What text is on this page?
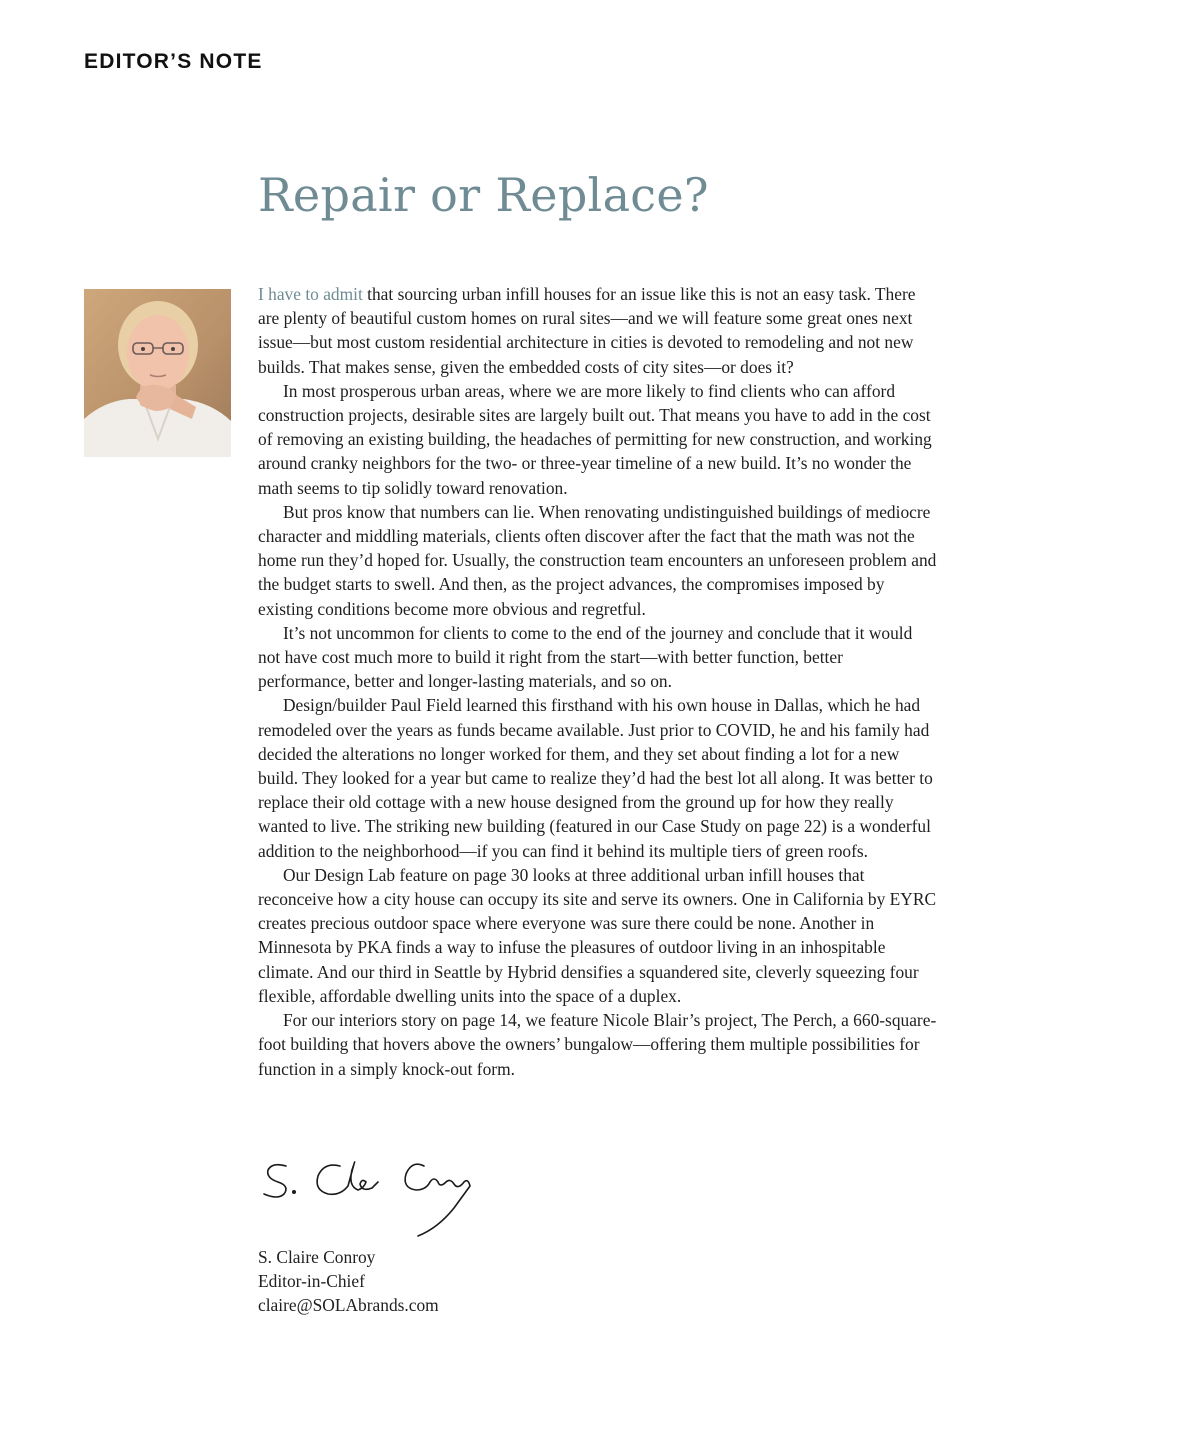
EDITOR’S NOTE
Repair or Replace?

I have to admit that sourcing urban infill houses for an issue like this is not an easy task. There are plenty of beautiful custom homes on rural sites—and we will feature some great ones next issue—but most custom residential architecture in cities is devoted to remodeling and not new builds. That makes sense, given the embedded costs of city sites—or does it?

In most prosperous urban areas, where we are more likely to find clients who can afford construction projects, desirable sites are largely built out. That means you have to add in the cost of removing an existing building, the headaches of permitting for new construction, and working around cranky neighbors for the two- or three-year timeline of a new build. It’s no wonder the math seems to tip solidly toward renovation.

But pros know that numbers can lie. When renovating undistinguished buildings of mediocre character and middling materials, clients often discover after the fact that the math was not the home run they’d hoped for. Usually, the construction team encounters an unforeseen problem and the budget starts to swell. And then, as the project advances, the compromises imposed by existing conditions become more obvious and regretful.

It’s not uncommon for clients to come to the end of the journey and conclude that it would not have cost much more to build it right from the start—with better function, better performance, better and longer-lasting materials, and so on.

Design/builder Paul Field learned this firsthand with his own house in Dallas, which he had remodeled over the years as funds became available. Just prior to COVID, he and his family had decided the alterations no longer worked for them, and they set about finding a lot for a new build. They looked for a year but came to realize they’d had the best lot all along. It was better to replace their old cottage with a new house designed from the ground up for how they really wanted to live. The striking new building (featured in our Case Study on page 22) is a wonderful addition to the neighborhood—if you can find it behind its multiple tiers of green roofs.

Our Design Lab feature on page 30 looks at three additional urban infill houses that reconceive how a city house can occupy its site and serve its owners. One in California by EYRC creates precious outdoor space where everyone was sure there could be none. Another in Minnesota by PKA finds a way to infuse the pleasures of outdoor living in an inhospitable climate. And our third in Seattle by Hybrid densifies a squandered site, cleverly squeezing four flexible, affordable dwelling units into the space of a duplex.

For our interiors story on page 14, we feature Nicole Blair’s project, The Perch, a 660-square-foot building that hovers above the owners’ bungalow—offering them multiple possibilities for function in a simply knock-out form.

S. Claire Conroy
Editor-in-Chief
claire@SOLAbrands.com
